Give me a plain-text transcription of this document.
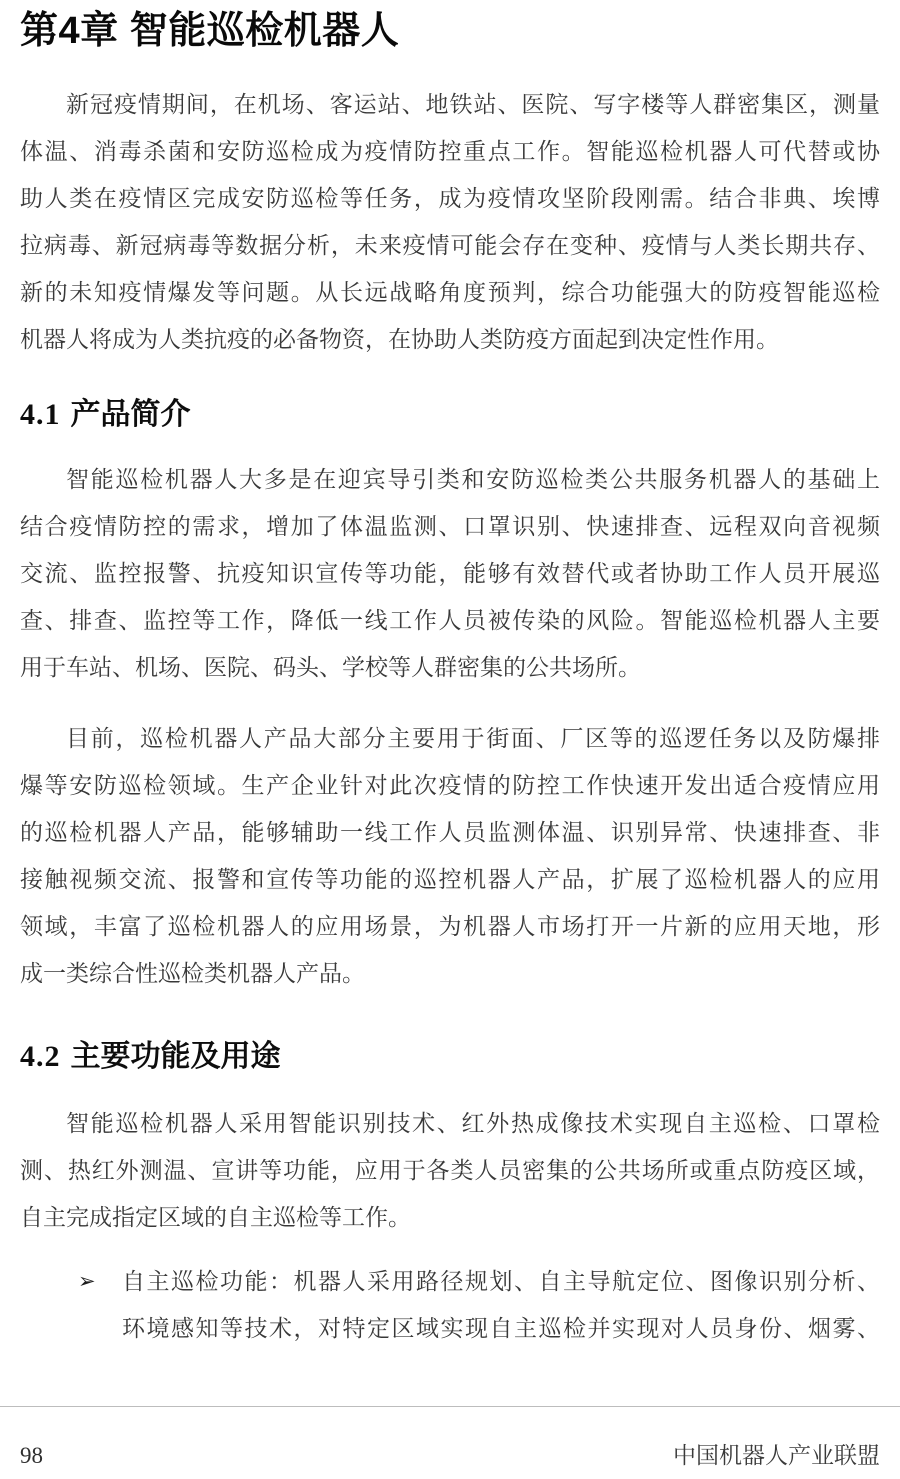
第4章 智能巡检机器人
新冠疫情期间，在机场、客运站、地铁站、医院、写字楼等人群密集区，测量
体温、消毒杀菌和安防巡检成为疫情防控重点工作。智能巡检机器人可代替或协
助人类在疫情区完成安防巡检等任务，成为疫情攻坚阶段刚需。结合非典、埃博
拉病毒、新冠病毒等数据分析，未来疫情可能会存在变种、疫情与人类长期共存、
新的未知疫情爆发等问题。从长远战略角度预判，综合功能强大的防疫智能巡检
机器人将成为人类抗疫的必备物资，在协助人类防疫方面起到决定性作用。
4.1 产品简介
智能巡检机器人大多是在迎宾导引类和安防巡检类公共服务机器人的基础上
结合疫情防控的需求，增加了体温监测、口罩识别、快速排查、远程双向音视频
交流、监控报警、抗疫知识宣传等功能，能够有效替代或者协助工作人员开展巡
查、排查、监控等工作，降低一线工作人员被传染的风险。智能巡检机器人主要
用于车站、机场、医院、码头、学校等人群密集的公共场所。
目前，巡检机器人产品大部分主要用于街面、厂区等的巡逻任务以及防爆排
爆等安防巡检领域。生产企业针对此次疫情的防控工作快速开发出适合疫情应用
的巡检机器人产品，能够辅助一线工作人员监测体温、识别异常、快速排查、非
接触视频交流、报警和宣传等功能的巡控机器人产品，扩展了巡检机器人的应用
领域，丰富了巡检机器人的应用场景，为机器人市场打开一片新的应用天地，形
成一类综合性巡检类机器人产品。
4.2 主要功能及用途
智能巡检机器人采用智能识别技术、红外热成像技术实现自主巡检、口罩检
测、热红外测温、宣讲等功能，应用于各类人员密集的公共场所或重点防疫区域，
自主完成指定区域的自主巡检等工作。
➢	自主巡检功能：机器人采用路径规划、自主导航定位、图像识别分析、
环境感知等技术，对特定区域实现自主巡检并实现对人员身份、烟雾、
98	中国机器人产业联盟
